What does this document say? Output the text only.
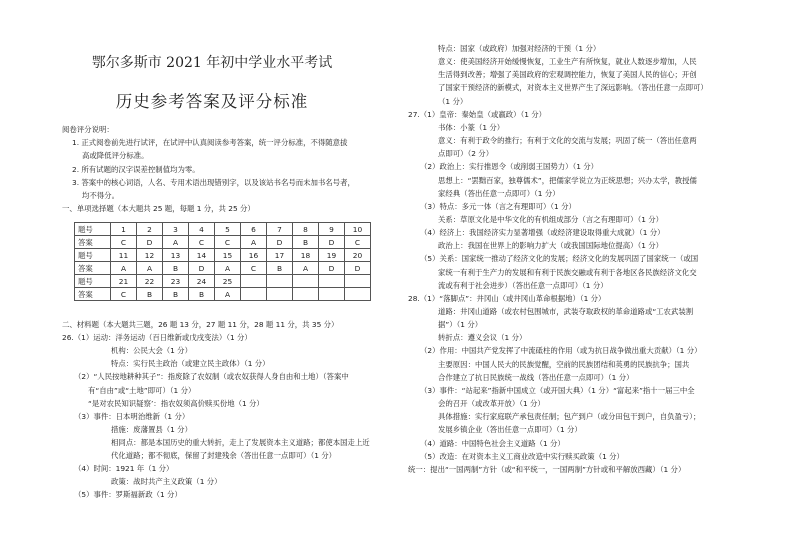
鄂尔多斯市 2021 年初中学业水平考试
历史参考答案及评分标准
阅卷评分说明：
1. 正式阅卷前先进行试评，在试评中认真阅读参考答案，统一评分标准，不得随意拔
高或降低评分标准。
2. 所有试题的汉字误差控制值均为零。
3. 答案中的核心词语，人名、专用术语出现错别字，以及该站书名号而未加书名号者，
均不得分。
一、单项选择题（本大题共 25 题，每题 1 分，共 25 分）
题号	1	2	3	4	5	6	7	8	9	10
答案	C	D	A	C	C	A	D	B	D	C
题号	11	12	13	14	15	16	17	18	19	20
答案	A	A	B	D	A	C	B	A	D	D
题号	21	22	23	24	25					
答案	C	B	B	B	A					
二、材料题（本大题共三题，26 题 13 分，27 题 11 分，28 题 11 分，共 35 分）
26.（1）运动：洋务运动（百日维新或戊戌变法）（1 分）
机构：公民大会（1 分）
特点：实行民主政治（或建立民主政体）（1 分）
（2）“人民按地耕种其子”：指废除了农奴制（或农奴获得人身自由和土地）（答案中
有“自由”或“土地”即可）（1 分）
“是对农民知识疑察’：指农奴须高价赎买份地（1 分）
（3）事件：日本明治维新（1 分）
措施：废藩置县（1 分）
相同点：都是本国历史的重大转折，走上了发展资本主义道路；都使本国走上近
代化道路；都不彻底，保留了封建残余（答出任意一点即可）（1 分）
（4）时间：1921 年（1 分）
政策：战时共产主义政策（1 分）
（5）事件：罗斯福新政（1 分）
特点：国家（或政府）加强对经济的干预（1 分）
意义：使美国经济开始缓慢恢复，工业生产有所恢复，就业人数逐步增加，人民
生活得到改善；增强了美国政府的宏观调控能力，恢复了美国人民的信心；开创
了国家干预经济的新模式，对资本主义世界产生了深远影响。（答出任意一点即可）
（1 分）
27.（1）皇帝：秦始皇（或嬴政）（1 分）
书体：小篆（1 分）
意义：有利于政令的推行；有利于文化的交流与发展；巩固了统一（答出任意两
点即可）（2 分）
（2）政治上：实行推恩令（或削弱王国势力）（1 分）
思想上：“罢黜百家，独尊儒术”，把儒家学说立为正统思想；兴办太学，教授儒
家经典（答出任意一点即可）（1 分）
（3）特点：多元一体（言之有理即可）（1 分）
关系：草原文化是中华文化的有机组成部分（言之有理即可）（1 分）
（4）经济上：我国经济实力显著增强（或经济建设取得重大成就）（1 分）
政治上：我国在世界上的影响力扩大（或我国国际地位提高）（1 分）
（5）关系：国家统一推动了经济文化的发展；经济文化的发展巩固了国家统一（或国
家统一有利于生产力的发展和有利于民族交融或有利于各地区各民族经济文化交
流或有利于社会进步）（答出任意一点即可）（1 分）
28.（1）“落脚点”：井冈山（或井冈山革命根据地）（1 分）
道路：井冈山道路（或农村包围城市，武装夺取政权的革命道路或“工农武装割
据”）（1 分）
转折点：遵义会议（1 分）
（2）作用：中国共产党发挥了中流砥柱的作用（或为抗日战争做出重大贡献）（1 分）
主要原因：中国人民大的民族觉醒，空前的民族团结和英勇的民族抗争；国共
合作建立了抗日民族统一战线（答出任意一点即可）（1 分）
（3）事件：“站起来”指新中国成立（或开国大典）（1 分）“富起来”指十一届三中全
会的召开（或改革开放）（1 分）
具体措施：实行家庭联产承包责任制；包产到户（或分田包干到户，自负盈亏）；
发展乡镇企业（答出任意一点即可）（1 分）
（4）道路：中国特色社会主义道路（1 分）
（5）改造：在对资本主义工商业改造中实行赎买政策（1 分）
统一：提出“一国两制”方针（或“和平统一，一国两制”方针或和平解放西藏）（1 分）
